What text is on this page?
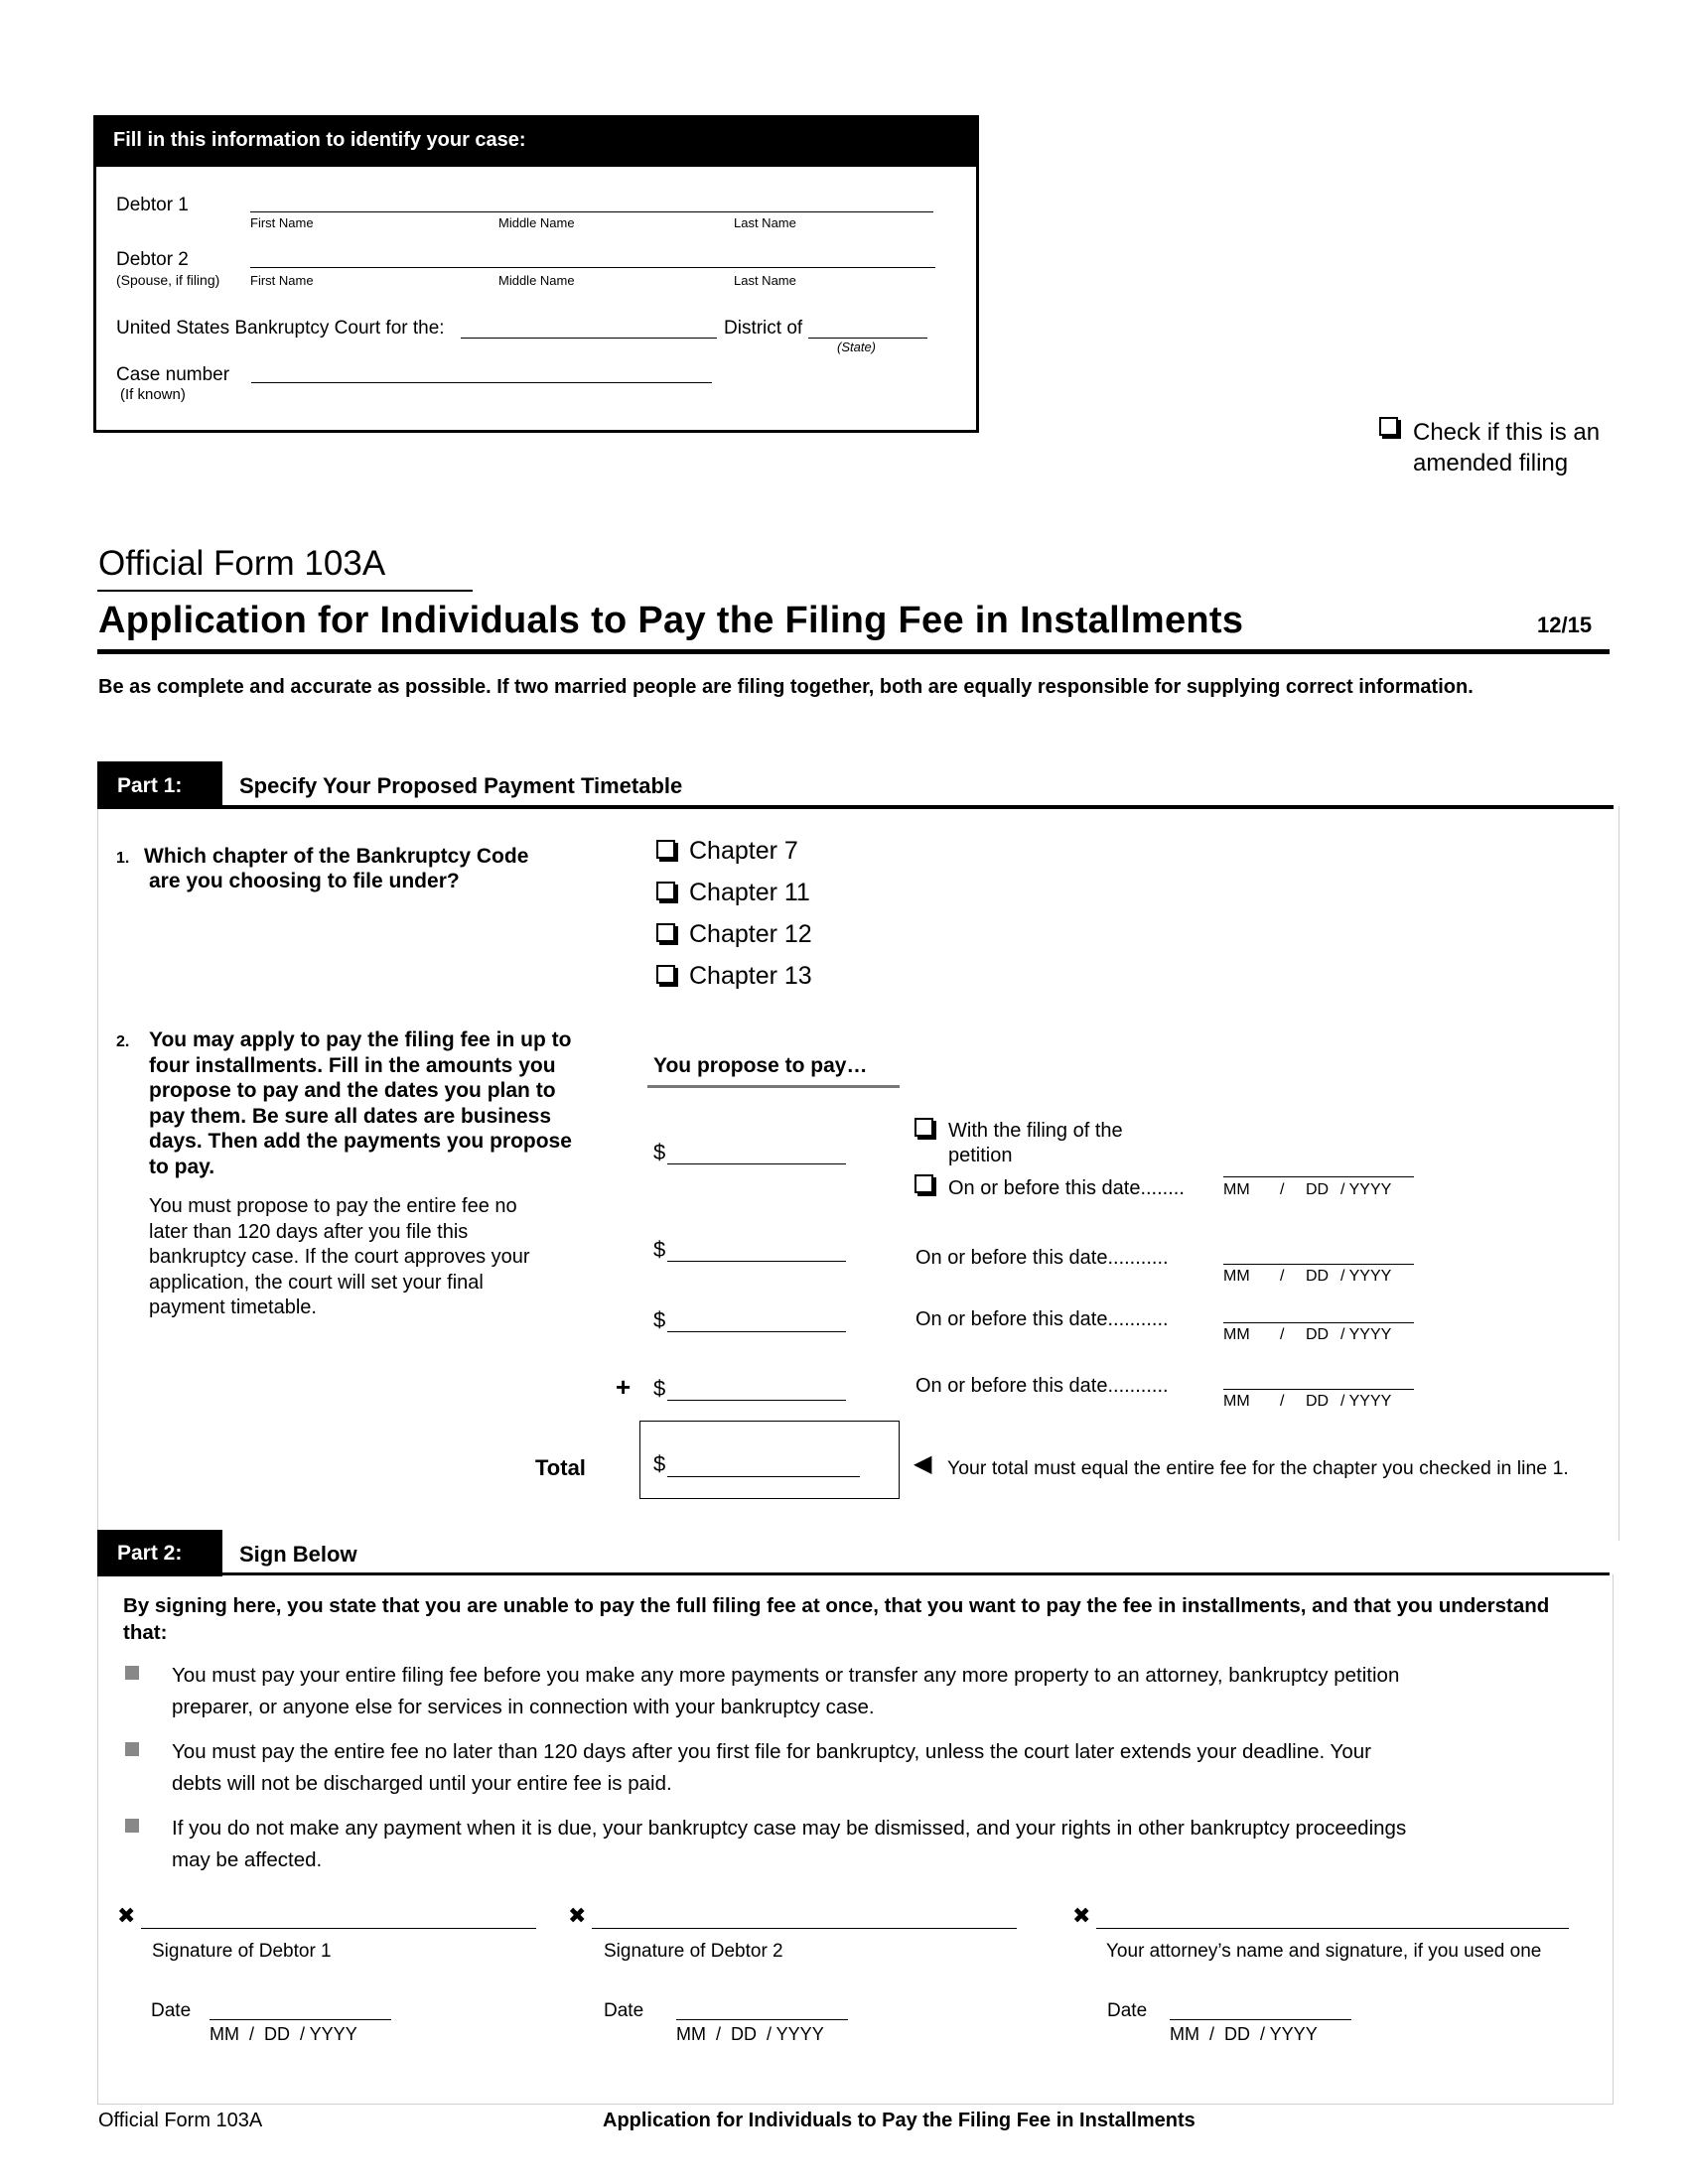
Fill in this information to identify your case:
Debtor 1
First Name	Middle Name	Last Name
Debtor 2
(Spouse, if filing) First Name	Middle Name	Last Name
United States Bankruptcy Court for the:	District of
(State)
Case number
(If known)
Check if this is an
amended filing
Official Form 103A
Application for Individuals to Pay the Filing Fee in Installments	12/15
Be as complete and accurate as possible. If two married people are filing together, both are equally responsible for supplying correct information.
Part 1:	Specify Your Proposed Payment Timetable
1. Which chapter of the Bankruptcy Code
are you choosing to file under?
Chapter 7
Chapter 11
Chapter 12
Chapter 13
2. You may apply to pay the filing fee in up to
four installments. Fill in the amounts you
propose to pay and the dates you plan to
pay them. Be sure all dates are business
days. Then add the payments you propose
to pay.
You must propose to pay the entire fee no
later than 120 days after you file this
bankruptcy case. If the court approves your
application, the court will set your final
payment timetable.
You propose to pay…
$
With the filing of the
petition
On or before this date........ MM / DD / YYYY
$	On or before this date...........
MM / DD / YYYY
$	On or before this date...........
MM / DD / YYYY
+ $	On or before this date...........
MM / DD / YYYY
Total	$	◀ Your total must equal the entire fee for the chapter you checked in line 1.
Part 2:	Sign Below
By signing here, you state that you are unable to pay the full filing fee at once, that you want to pay the fee in installments, and that you understand that:
You must pay your entire filing fee before you make any more payments or transfer any more property to an attorney, bankruptcy petition
preparer, or anyone else for services in connection with your bankruptcy case.
You must pay the entire fee no later than 120 days after you first file for bankruptcy, unless the court later extends your deadline. Your
debts will not be discharged until your entire fee is paid.
If you do not make any payment when it is due, your bankruptcy case may be dismissed, and your rights in other bankruptcy proceedings
may be affected.
✖
Signature of Debtor 1
✖
Signature of Debtor 2
✖
Your attorney’s name and signature, if you used one
Date
MM  /  DD  / YYYY
Date
MM  /  DD  / YYYY
Date
MM  /  DD  / YYYY
Official Form 103A	Application for Individuals to Pay the Filing Fee in Installments
